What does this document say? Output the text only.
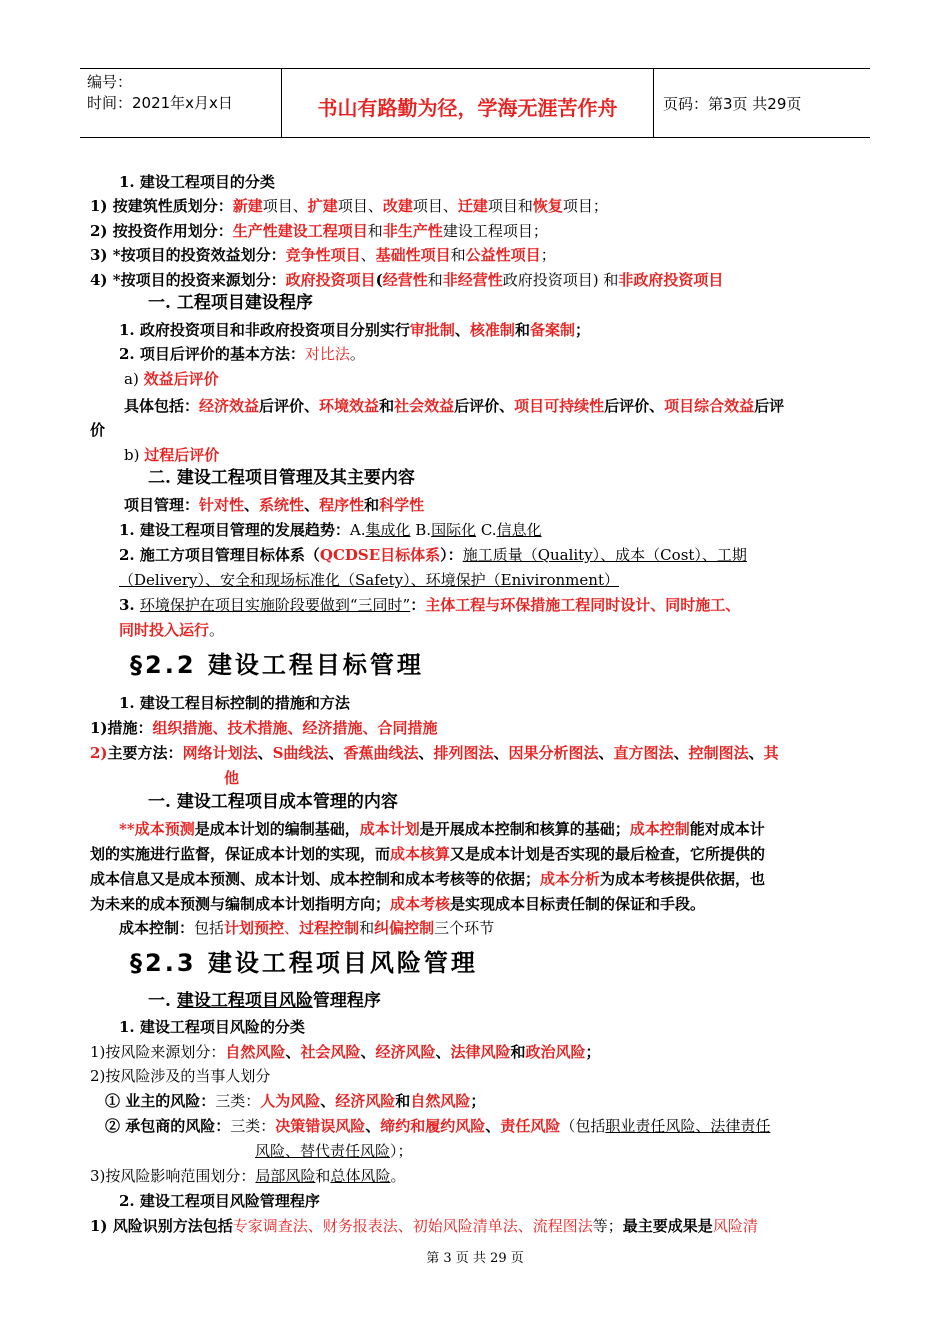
编号：
时间：2021年x月x日	书山有路勤为径，学海无涯苦作舟	页码：第3页 共29页
1. 建设工程项目的分类
1) 按建筑性质划分：新建项目、扩建项目、改建项目、迁建项目和恢复项目；
2) 按投资作用划分：生产性建设工程项目和非生产性建设工程项目；
3) *按项目的投资效益划分：竞争性项目、基础性项目和公益性项目；
4) *按项目的投资来源划分：政府投资项目(经营性和非经营性政府投资项目) 和非政府投资项目
一. 工程项目建设程序
1. 政府投资项目和非政府投资项目分别实行审批制、核准制和备案制；
2. 项目后评价的基本方法：对比法。
a) 效益后评价
具体包括：经济效益后评价、环境效益和社会效益后评价、项目可持续性后评价、项目综合效益后评
价
b) 过程后评价
二. 建设工程项目管理及其主要内容
项目管理：针对性、系统性、程序性和科学性
1. 建设工程项目管理的发展趋势：A.集成化 B.国际化 C.信息化
2. 施工方项目管理目标体系（QCDSE目标体系）：施工质量（Quality）、成本（Cost）、工期
（Delivery）、安全和现场标准化（Safety）、环境保护（Enivironment）
3. 环境保护在项目实施阶段要做到“三同时”：主体工程与环保措施工程同时设计、同时施工、
同时投入运行。
§2.2 建设工程目标管理
1. 建设工程目标控制的措施和方法
1)措施：组织措施、技术措施、经济措施、合同措施
2)主要方法：网络计划法、S曲线法、香蕉曲线法、排列图法、因果分析图法、直方图法、控制图法、其
他
一. 建设工程项目成本管理的内容
**成本预测是成本计划的编制基础，成本计划是开展成本控制和核算的基础；成本控制能对成本计
划的实施进行监督，保证成本计划的实现，而成本核算又是成本计划是否实现的最后检查，它所提供的
成本信息又是成本预测、成本计划、成本控制和成本考核等的依据；成本分析为成本考核提供依据，也
为未来的成本预测与编制成本计划指明方向；成本考核是实现成本目标责任制的保证和手段。
成本控制：包括计划预控、过程控制和纠偏控制三个环节
§2.3 建设工程项目风险管理
一. 建设工程项目风险管理程序
1. 建设工程项目风险的分类
1)按风险来源划分：自然风险、社会风险、经济风险、法律风险和政治风险；
2)按风险涉及的当事人划分
① 业主的风险：三类：人为风险、经济风险和自然风险；
② 承包商的风险：三类：决策错误风险、缔约和履约风险、责任风险（包括职业责任风险、法律责任
风险、替代责任风险）；
3)按风险影响范围划分：局部风险和总体风险。
2. 建设工程项目风险管理程序
1) 风险识别方法包括专家调查法、财务报表法、初始风险清单法、流程图法等；最主要成果是风险清
第 3 页 共 29 页
